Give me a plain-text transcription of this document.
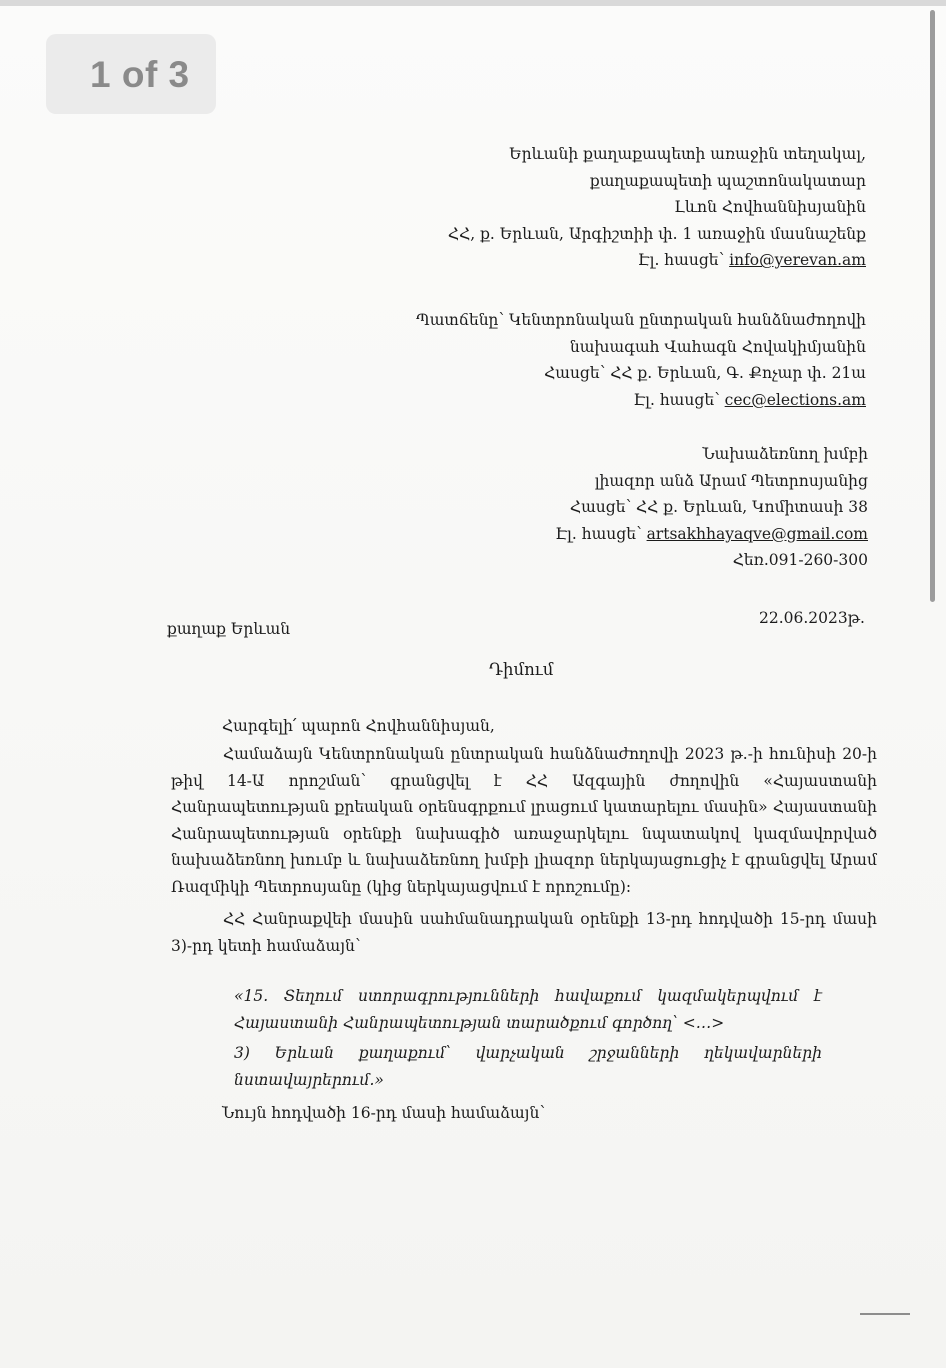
1 of 3
Երևանի քաղաքապետի առաջին տեղակալ,
քաղաքապետի պաշտոնակատար
Լևոն Հովհաննիսյանին
ՀՀ, ք. Երևան, Արգիշտիի փ. 1 առաջին մասնաշենք
Էլ. հասցե՝ info@yerevan.am
Պատճենը՝ Կենտրոնական ընտրական հանձնաժողովի
նախագահ Վահագն Հովակիմյանին
Հասցե՝ ՀՀ ք. Երևան, Գ. Քոչար փ. 21ա
Էլ. հասցե՝ cec@elections.am
Նախաձեռնող խմբի
լիազոր անձ Արամ Պետրոսյանից
Հասցե՝ ՀՀ ք. Երևան, Կոմիտասի 38
Էլ. հասցե՝ artsakhhayaqve@gmail.com
Հեռ.091-260-300
քաղաք Երևան
22.06.2023թ.
Դիմում
Հարգելի՛ պարոն Հովհաննիսյան,

Համաձայն Կենտրոնական ընտրական հանձնաժողովի 2023 թ.-ի հունիսի 20-ի թիվ 14-Ա որոշման՝ գրանցվել է ՀՀ Ազգային ժողովին «Հայաստանի Հանրապետության քրեական օրենսգրքում լրացում կատարելու մասին» Հայաստանի Հանրապետության օրենքի նախագիծ առաջարկելու նպատակով կազմավորված նախաձեռնող խումբ և նախաձեռնող խմբի լիազոր ներկայացուցիչ է գրանցվել Արամ Ռազմիկի Պետրոսյանը (կից ներկայացվում է որոշումը):

ՀՀ Հանրաքվեի մասին սահմանադրական օրենքի 13-րդ հոդվածի 15-րդ մասի 3)-րդ կետի համաձայն՝

«15. Տեղում ստորագրությունների հավաքում կազմակերպվում է Հայաստանի Հանրապետության տարածքում գործող՝ <…>
3) Երևան քաղաքում՝ վարչական շրջանների ղեկավարների նստավայրերում.»
Նույն հոդվածի 16-րդ մասի համաձայն՝
